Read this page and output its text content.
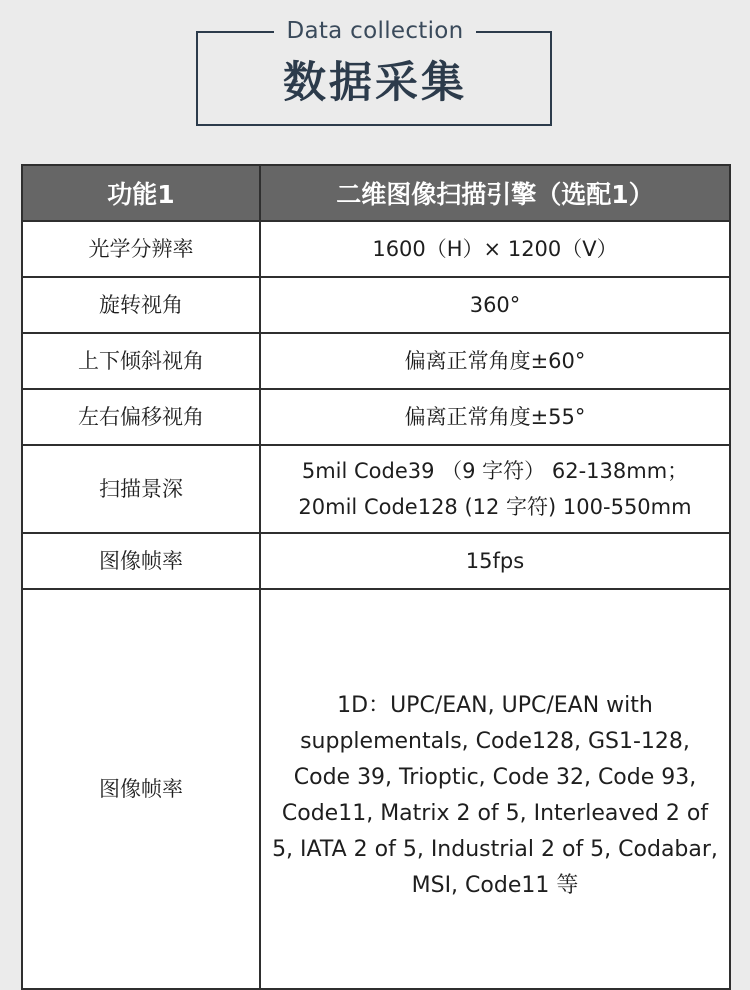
Data collection
数据采集
功能1	二维图像扫描引擎（选配1）
光学分辨率	1600（H）× 1200（V）
旋转视角	360°
上下倾斜视角	偏离正常角度±60°
左右偏移视角	偏离正常角度±55°
扫描景深	5mil Code39 （9 字符） 62-138mm；
20mil Code128 (12 字符) 100-550mm

图像帧率	15fps
图像帧率	1D：UPC/EAN, UPC/EAN with supplementals, Code128, GS1-128, Code 39, Trioptic, Code 32, Code 93, Code11, Matrix 2 of 5, Interleaved 2 of 5, IATA 2 of 5, Industrial 2 of 5, Codabar, MSI, Code11 等
